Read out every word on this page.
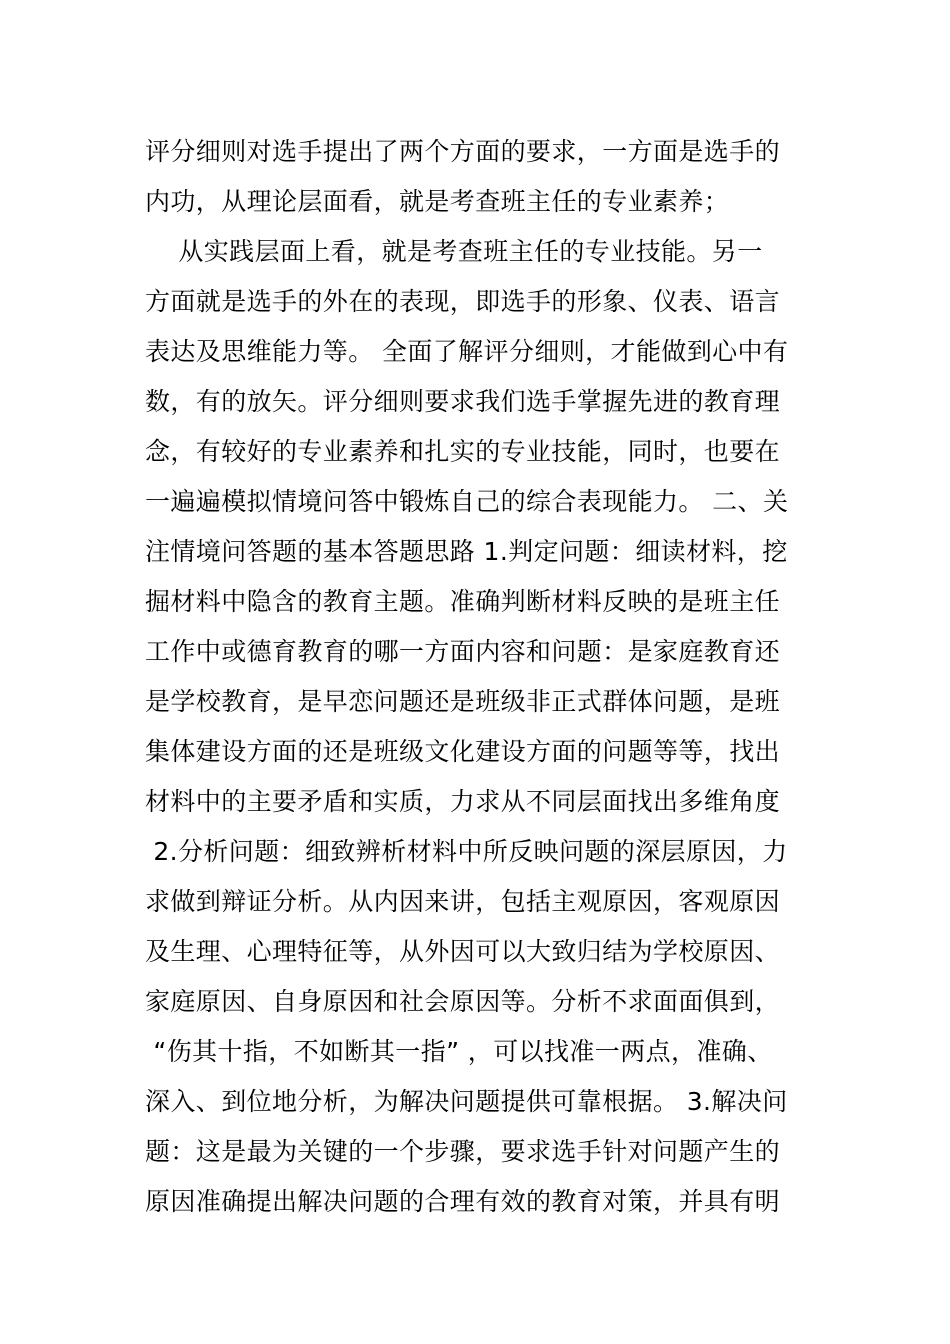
评分细则对选手提出了两个方面的要求，一方面是选手的
内功，从理论层面看，就是考查班主任的专业素养；
从实践层面上看，就是考查班主任的专业技能。另一
方面就是选手的外在的表现，即选手的形象、仪表、语言
表达及思维能力等。 全面了解评分细则，才能做到心中有
数，有的放矢。评分细则要求我们选手掌握先进的教育理
念，有较好的专业素养和扎实的专业技能，同时，也要在
一遍遍模拟情境问答中锻炼自己的综合表现能力。 二、关
注情境问答题的基本答题思路 1.判定问题：细读材料，挖
掘材料中隐含的教育主题。准确判断材料反映的是班主任
工作中或德育教育的哪一方面内容和问题：是家庭教育还
是学校教育，是早恋问题还是班级非正式群体问题，是班
集体建设方面的还是班级文化建设方面的问题等等，找出
材料中的主要矛盾和实质，力求从不同层面找出多维角度
2.分析问题：细致辨析材料中所反映问题的深层原因，力
求做到辩证分析。从内因来讲，包括主观原因，客观原因
及生理、心理特征等，从外因可以大致归结为学校原因、
家庭原因、自身原因和社会原因等。分析不求面面俱到，
“伤其十指，不如断其一指” ，可以找准一两点，准确、
深入、到位地分析，为解决问题提供可靠根据。 3.解决问
题：这是最为关键的一个步骤，要求选手针对问题产生的
原因准确提出解决问题的合理有效的教育对策，并具有明
